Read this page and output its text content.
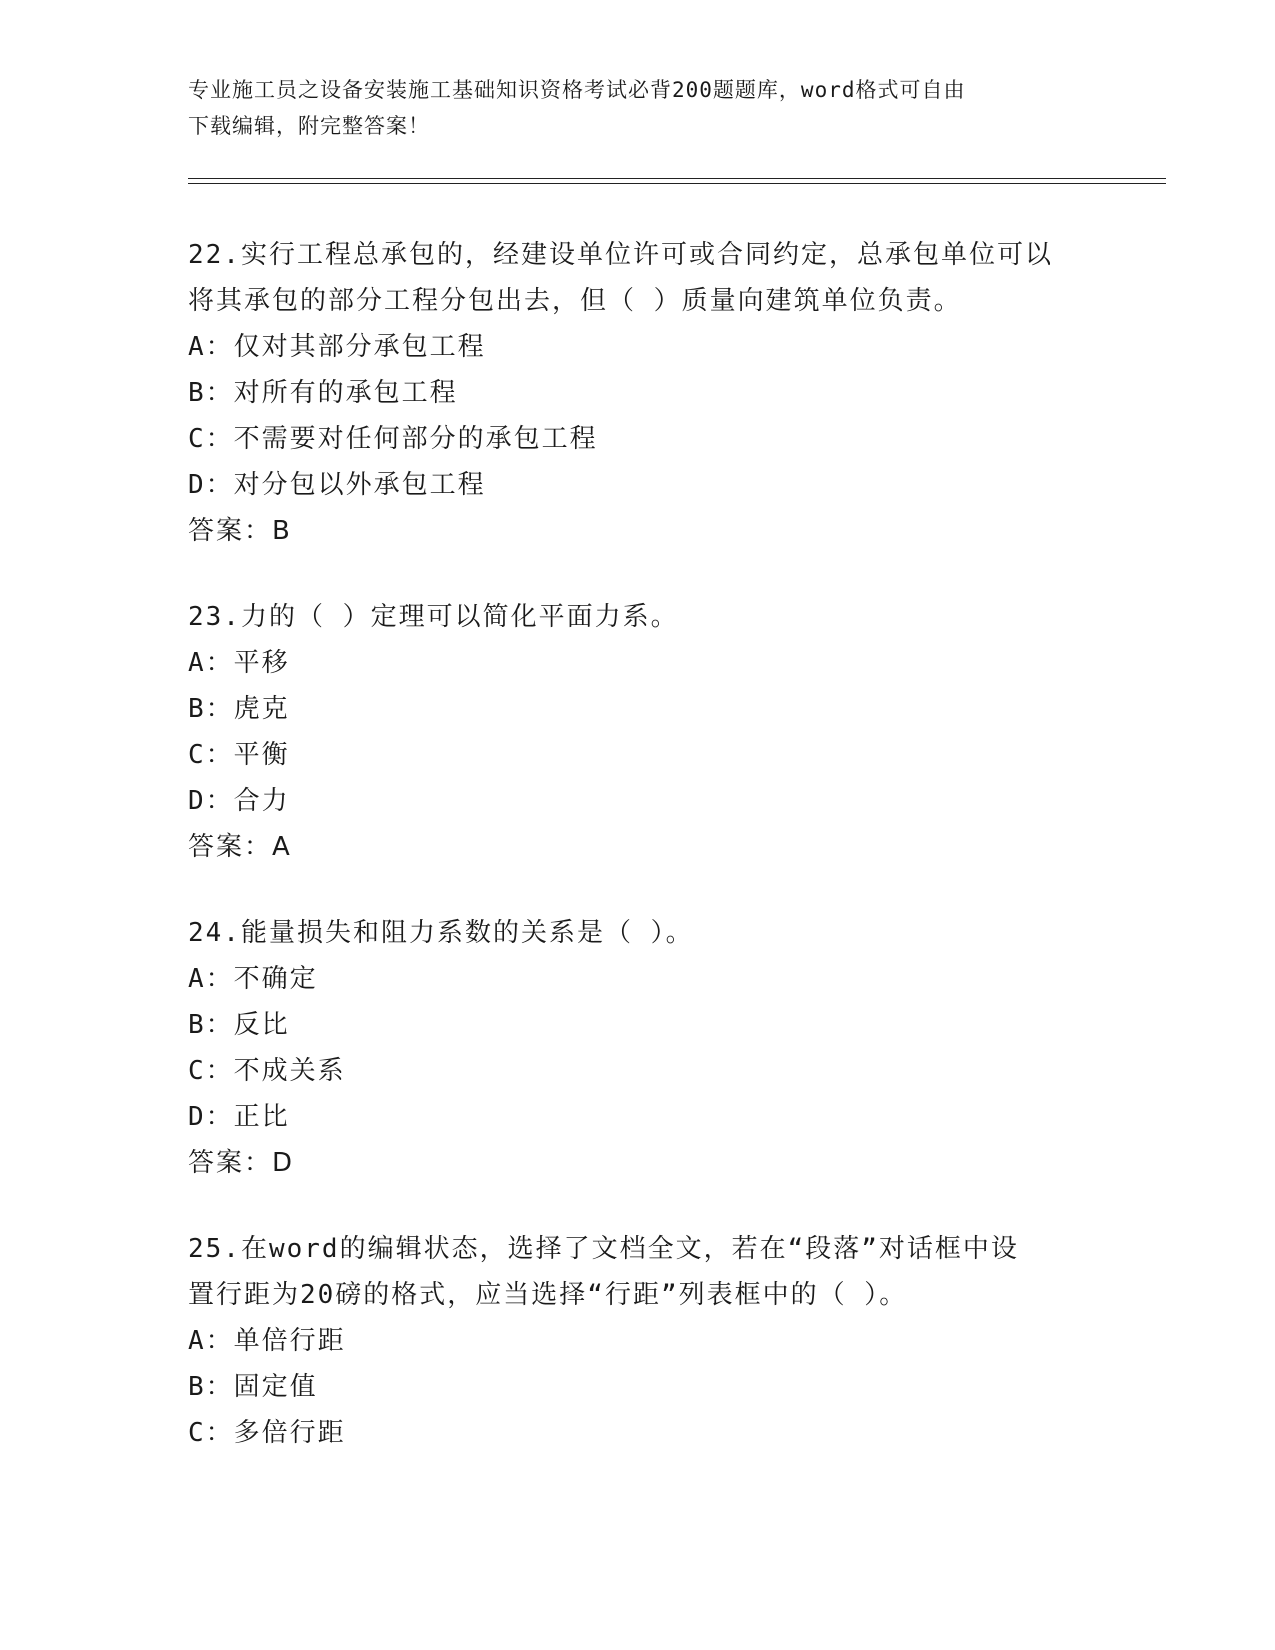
专业施工员之设备安装施工基础知识资格考试必背200题题库，word格式可自由
下载编辑，附完整答案！

22.实行工程总承包的，经建设单位许可或合同约定，总承包单位可以

将其承包的部分工程分包出去，但（ ）质量向建筑单位负责。

A：仅对其部分承包工程

B：对所有的承包工程

C：不需要对任何部分的承包工程

D：对分包以外承包工程

答案：B

23.力的（ ）定理可以简化平面力系。

A：平移

B：虎克

C：平衡

D：合力

答案：A

24.能量损失和阻力系数的关系是（ ）。

A：不确定

B：反比

C：不成关系

D：正比

答案：D

25.在word的编辑状态，选择了文档全文，若在“段落”对话框中设

置行距为20磅的格式，应当选择“行距”列表框中的（ ）。

A：单倍行距

B：固定值

C：多倍行距
